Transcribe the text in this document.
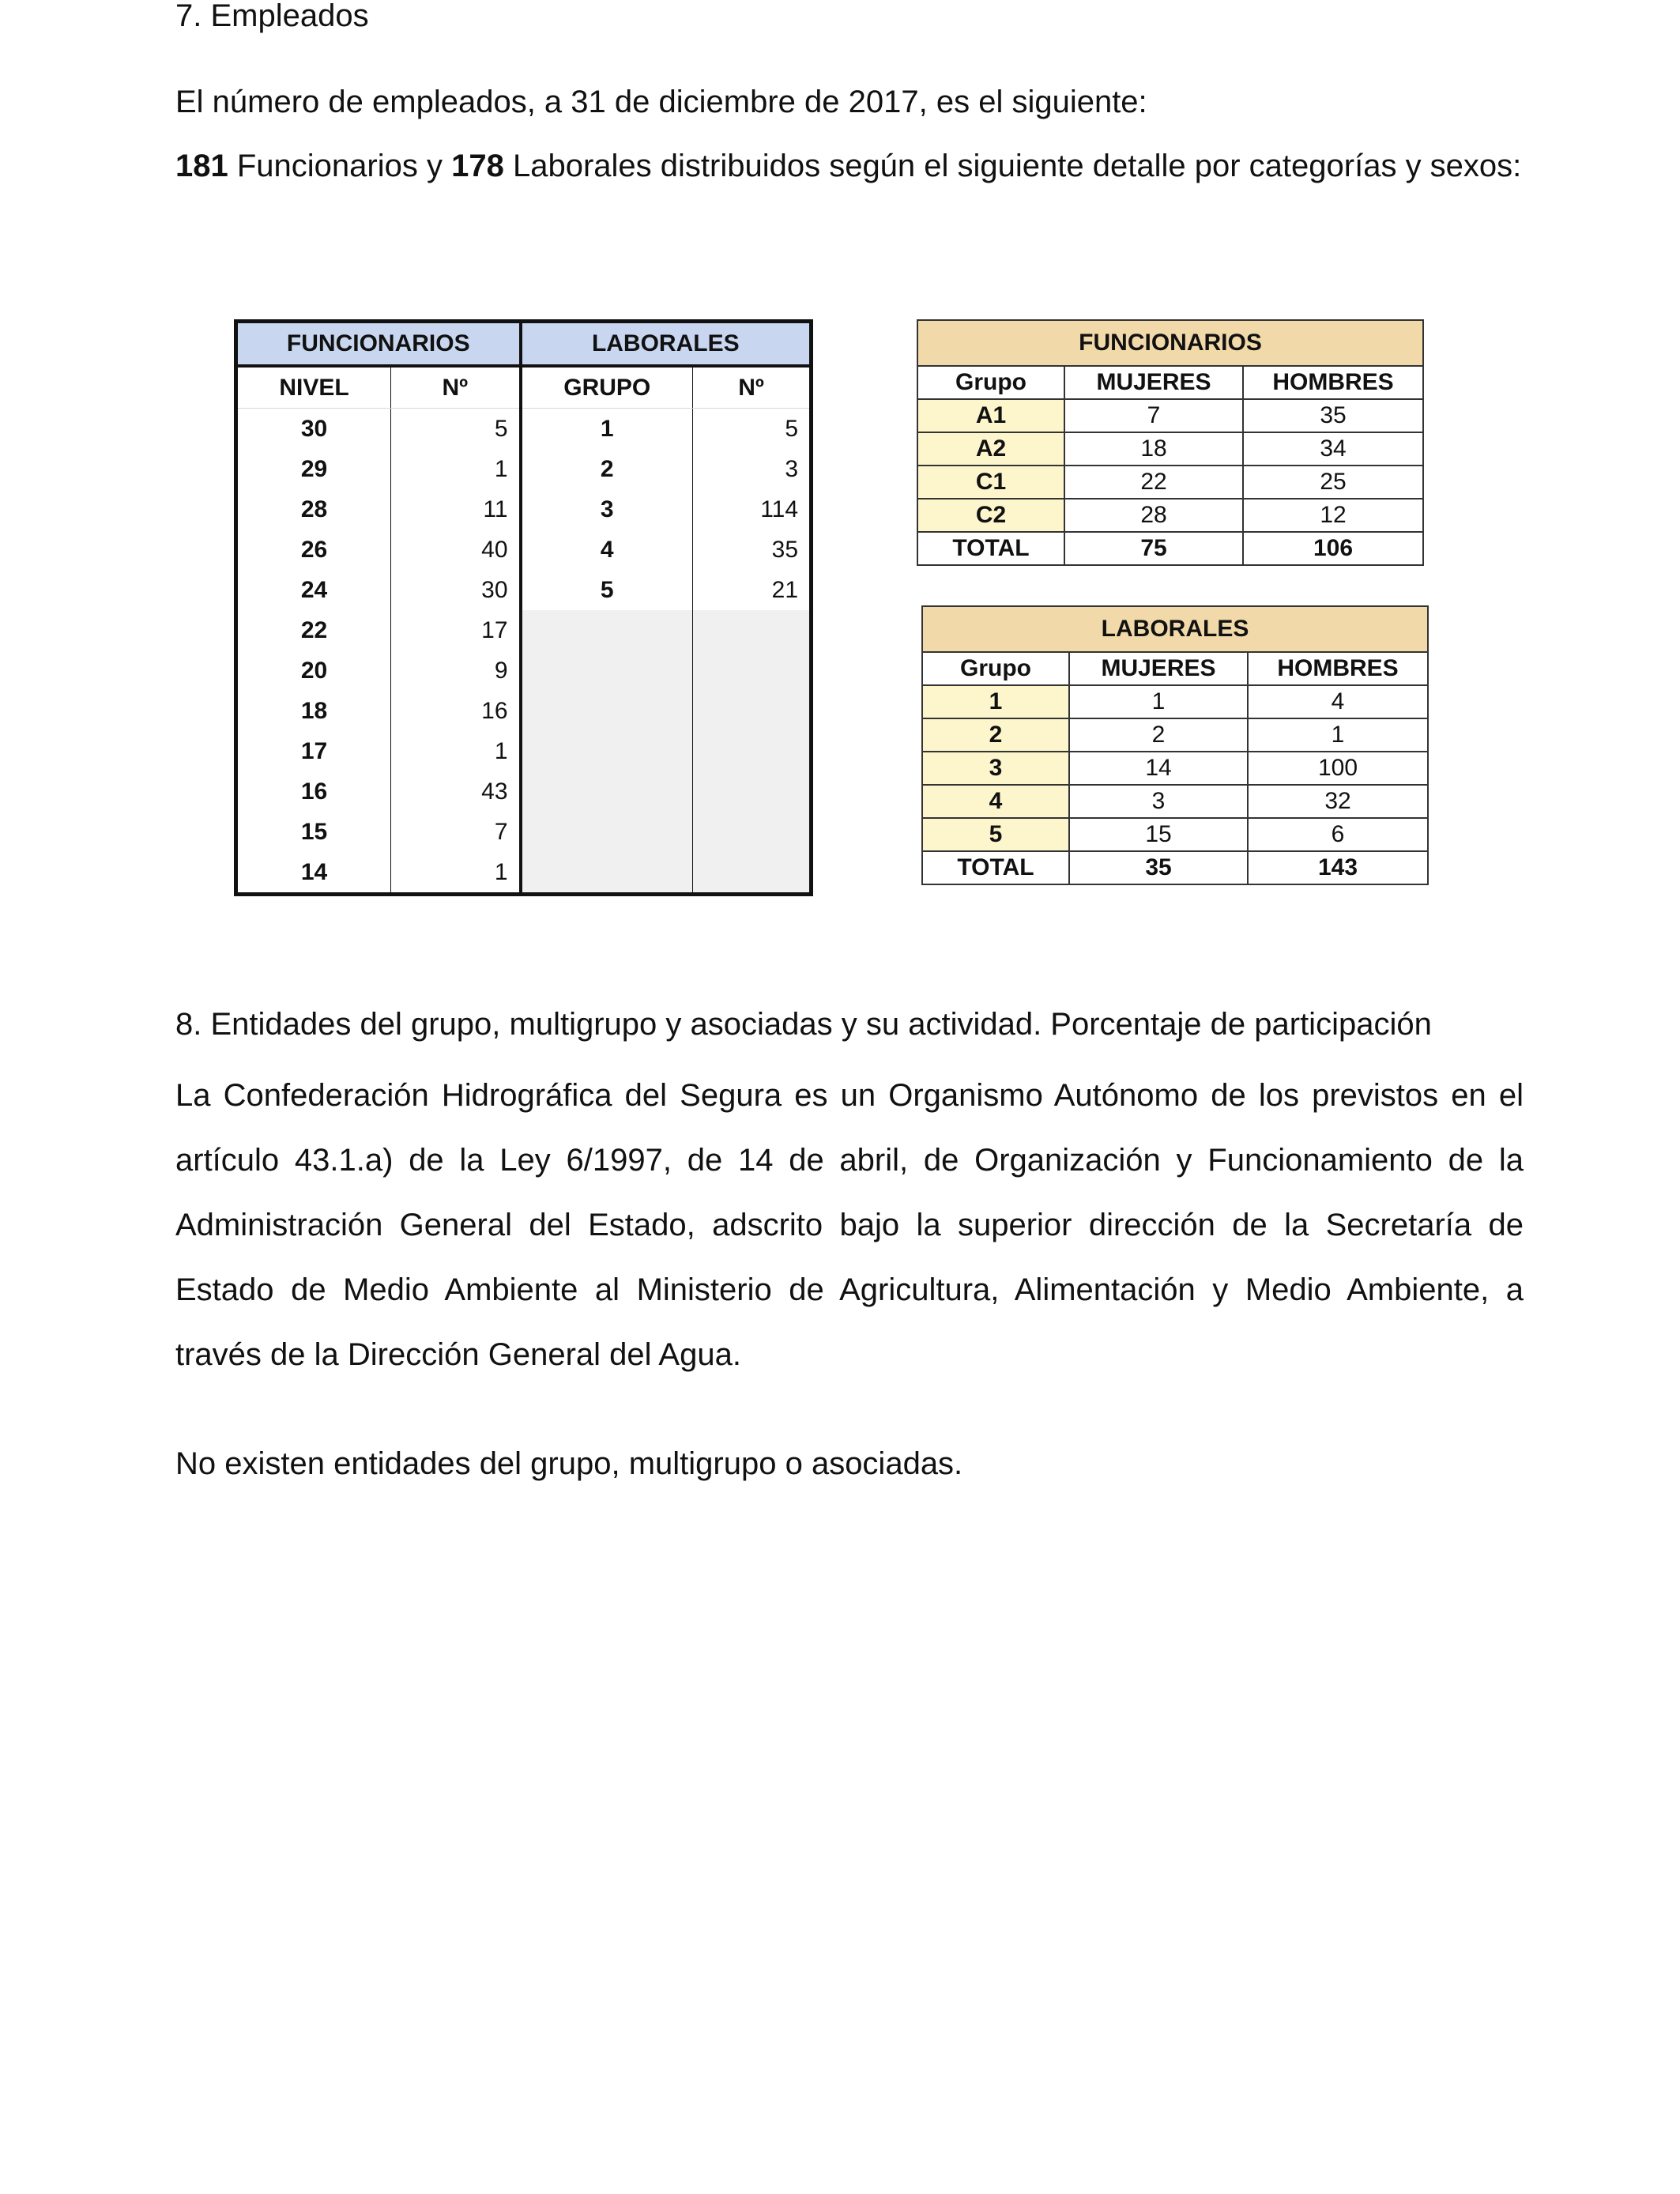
7. Empleados
El número de empleados, a 31 de diciembre de 2017, es el siguiente:
181 Funcionarios y 178 Laborales distribuidos según el siguiente detalle por categorías y sexos:
FUNCIONARIOS		LABORALES	
NIVEL	Nº	GRUPO	Nº
30	5	1	5
29	1	2	3
28	11	3	114
26	40	4	35
24	30	5	21
22	17		
20	9		
18	16		
17	1		
16	43		
15	7		
14	1		
FUNCIONARIOS		
Grupo	MUJERES	HOMBRES
A1	7	35
A2	18	34
C1	22	25
C2	28	12
TOTAL	75	106
LABORALES		
Grupo	MUJERES	HOMBRES
1	1	4
2	2	1
3	14	100
4	3	32
5	15	6
TOTAL	35	143
8. Entidades del grupo, multigrupo y asociadas y su actividad. Porcentaje de participación
La Confederación Hidrográfica del Segura es un Organismo Autónomo de los previstos en el
artículo 43.1.a) de la Ley 6/1997, de 14 de abril, de Organización y Funcionamiento de la
Administración General del Estado, adscrito bajo la superior dirección de la Secretaría de
Estado de Medio Ambiente al Ministerio de Agricultura, Alimentación y Medio Ambiente, a
través de la Dirección General del Agua.
No existen entidades del grupo, multigrupo o asociadas.
